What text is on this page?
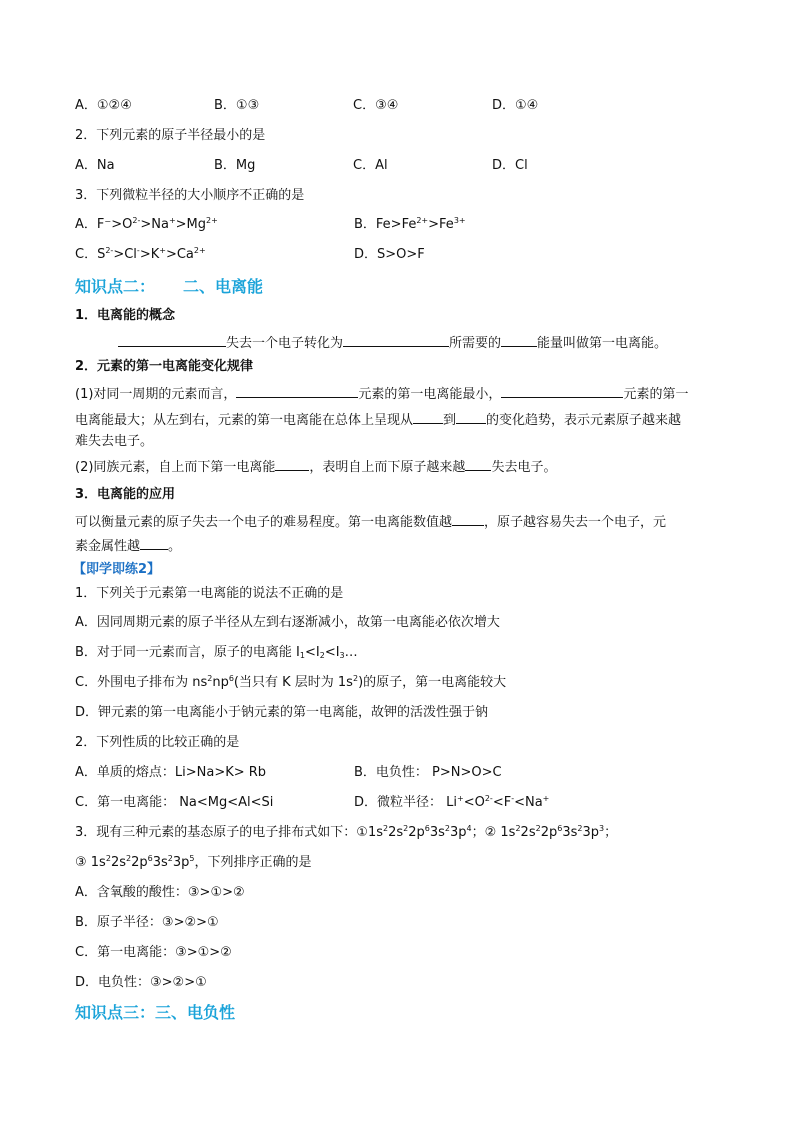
A．①②④	B．①③	C．③④	D．①④
2．下列元素的原子半径最小的是
A．Na	B．Mg	C．Al	D．Cl
3．下列微粒半径的大小顺序不正确的是
A．$F^->O^{2-}>Na^+>Mg^{2+}$	B．$Fe>Fe^{2+}>Fe^{3+}$
C．$S^{2-}>Cl^->K^+>Ca^{2+}$	D．S>O>F
知识点二： 二、电离能
1．电离能的概念
失去一个电子转化为	所需要的	能量叫做第一电离能。
2．元素的第一电离能变化规律
(1)对同一周期的元素而言，	元素的第一电离能最小，	元素的第一
电离能最大；从左到右，元素的第一电离能在总体上呈现从 到 的变化趋势，表示元素原子越来越
难失去电子。
(2)同族元素，自上而下第一电离能	，表明自上而下原子越来越 失去电子。
3．电离能的应用
可以衡量元素的原子失去一个电子的难易程度。第一电离能数值越 ，原子越容易失去一个电子，元
素金属性越 。
【即学即练2】
1．下列关于元素第一电离能的说法不正确的是
A．因同周期元素的原子半径从左到右逐渐减小，故第一电离能必依次增大
B．对于同一元素而言，原子的电离能 $I_1<I_2<I_3\dots$
C．外围电子排布为 $ns^2np^6$(当只有 K 层时为 $1s^2$)的原子，第一电离能较大
D．钾元素的第一电离能小于钠元素的第一电离能，故钾的活泼性强于钠
2．下列性质的比较正确的是
A．单质的熔点：Li>Na>K> Rb	B．电负性： P>N>O>C
C．第一电离能： Na<Mg<Al<Si	D．微粒半径： $Li^+<O^{2-}<F^-<Na^+$
3．现有三种元素的基态原子的电子排布式如下：$①1s^22s^22p^63s^23p^4$；② $1s^22s^22p^63s^23p^3$；
③ $1s^22s^22p^63s^23p^5$，下列排序正确的是
A．含氧酸的酸性：③>①>②
B．原子半径：③>②>①
C．第一电离能：③>①>②
D．电负性：③>②>①
知识点三：三、电负性
